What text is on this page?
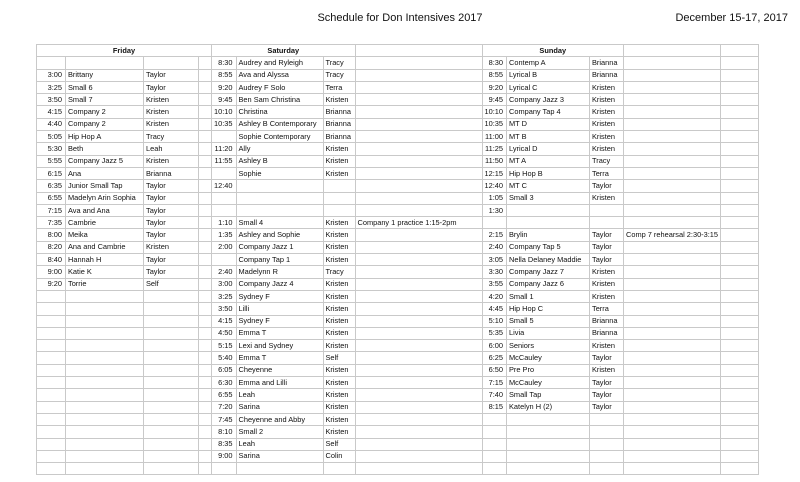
Schedule for Don Intensives 2017	December 15-17, 2017
Friday				Saturday				Sunday				
				8:30	Audrey and Ryleigh	Tracy		8:30	Contemp A	Brianna		
3:00	Brittany	Taylor		8:55	Ava and Alyssa	Tracy		8:55	Lyrical B	Brianna		
3:25	Small 6	Taylor		9:20	Audrey F Solo	Terra		9:20	Lyrical C	Kristen		
3:50	Small 7	Kristen		9:45	Ben Sam Christina	Kristen		9:45	Company Jazz 3	Kristen		
4:15	Company 2	Kristen		10:10	Christina	Brianna		10:10	Company Tap 4	Kristen		
4:40	Company 2	Kristen		10:35	Ashley B Contemporary	Brianna		10:35	MT D	Kristen		
5:05	Hip Hop A	Tracy			Sophie Contemporary	Brianna		11:00	MT B	Kristen		
5:30	Beth	Leah		11:20	Ally	Kristen		11:25	Lyrical D	Kristen		
5:55	Company Jazz 5	Kristen		11:55	Ashley B	Kristen		11:50	MT A	Tracy		
6:15	Ana	Brianna			Sophie	Kristen		12:15	Hip Hop B	Terra		
6:35	Junior Small Tap	Taylor		12:40				12:40	MT C	Taylor		
6:55	Madelyn Arin Sophia	Taylor						1:05	Small 3	Kristen		
7:15	Ava and Ana	Taylor						1:30				
7:35	Cambrie	Taylor		1:10	Small 4	Kristen	Company 1 practice 1:15-2pm					
8:00	Meika	Taylor		1:35	Ashley and Sophie	Kristen		2:15	Brylin	Taylor	Comp 7 rehearsal 2:30-3:15	
8:20	Ana and Cambrie	Kristen		2:00	Company Jazz 1	Kristen		2:40	Company Tap 5	Taylor		
8:40	Hannah H	Taylor			Company Tap 1	Kristen		3:05	Nella Delaney Maddie	Taylor		
9:00	Katie K	Taylor		2:40	Madelynn R	Tracy		3:30	Company Jazz 7	Kristen		
9:20	Torrie	Self		3:00	Company Jazz 4	Kristen		3:55	Company Jazz 6	Kristen		
				3:25	Sydney F	Kristen		4:20	Small 1	Kristen		
				3:50	Lilli	Kristen		4:45	Hip Hop C	Terra		
				4:15	Sydney F	Kristen		5:10	Small 5	Brianna		
				4:50	Emma T	Kristen		5:35	Livia	Brianna		
				5:15	Lexi and Sydney	Kristen		6:00	Seniors	Kristen		
				5:40	Emma T	Self		6:25	McCauley	Taylor		
				6:05	Cheyenne	Kristen		6:50	Pre Pro	Kristen		
				6:30	Emma and Lilli	Kristen		7:15	McCauley	Taylor		
				6:55	Leah	Kristen		7:40	Small Tap	Taylor		
				7:20	Sarina	Kristen		8:15	Katelyn H (2)	Taylor		
				7:45	Cheyenne and Abby	Kristen						
				8:10	Small 2	Kristen						
				8:35	Leah	Self						
				9:00	Sarina	Colin						
